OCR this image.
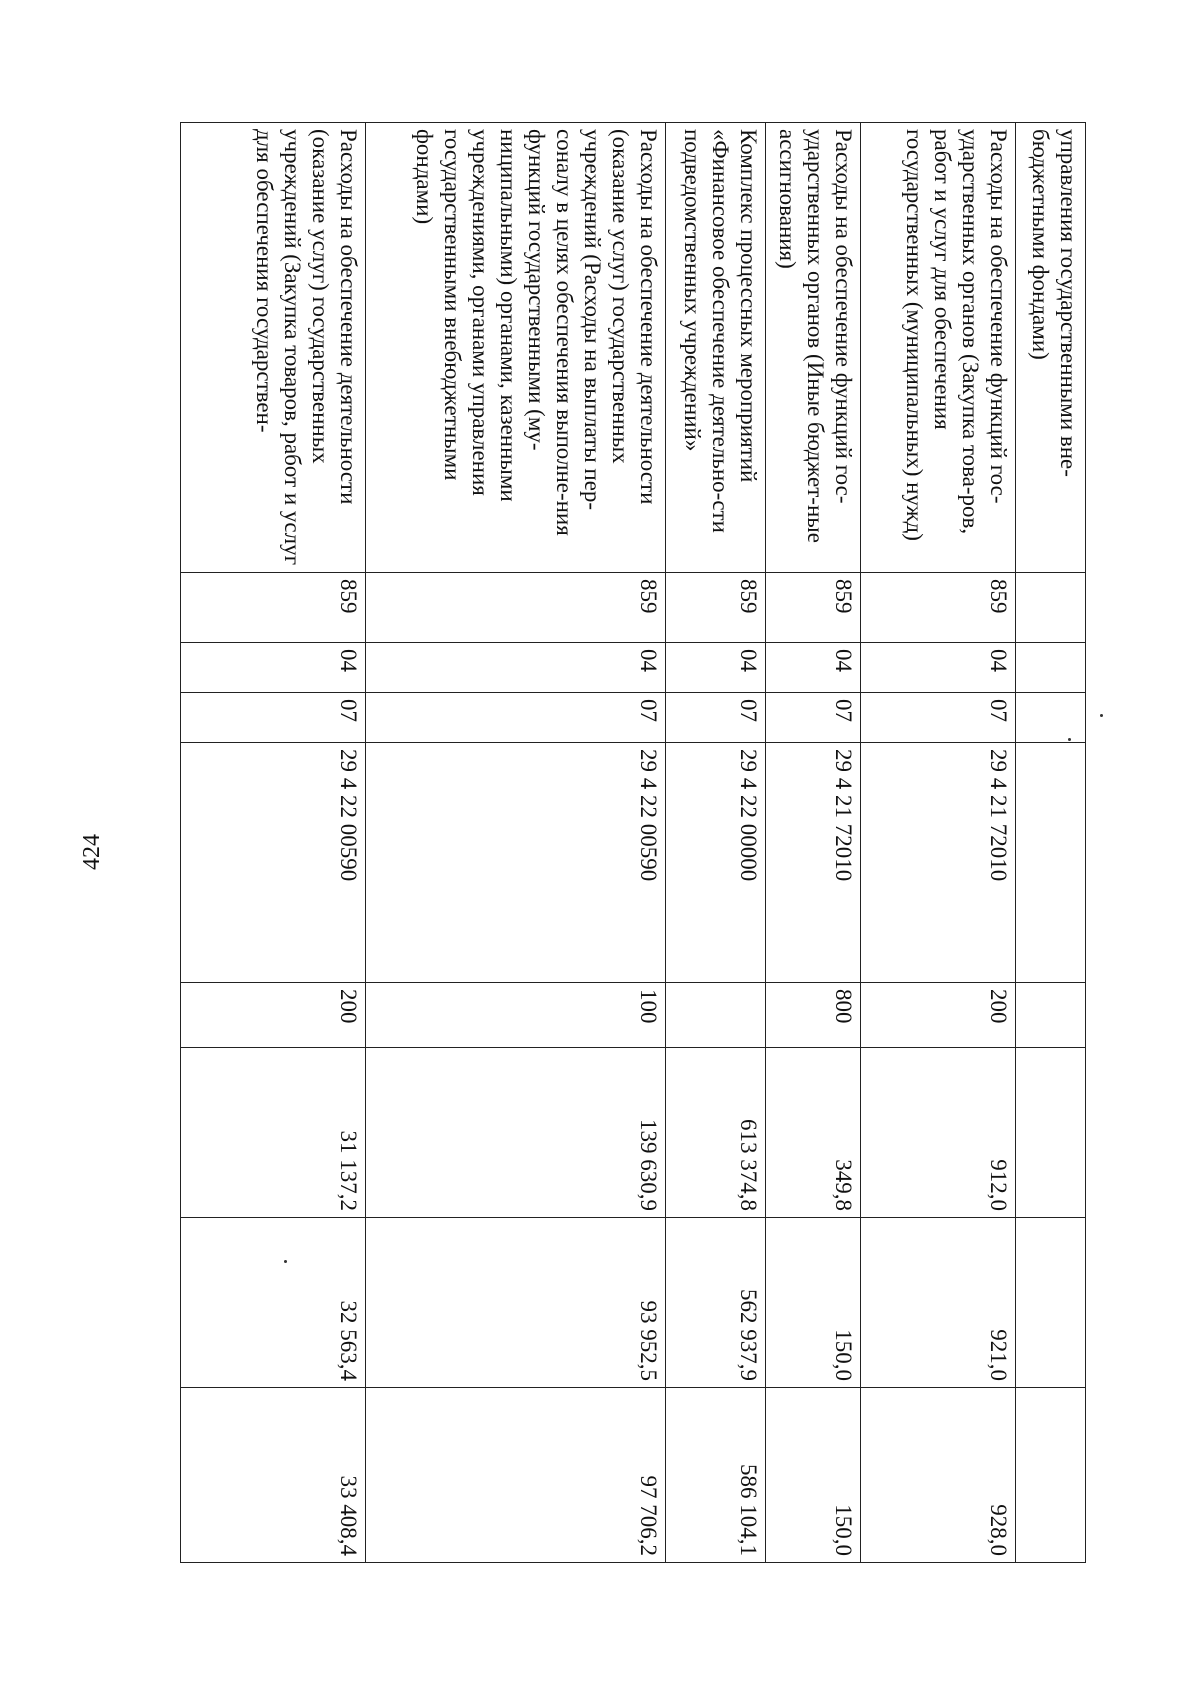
424
управления государственными вне-бюджетными фондами)								
Расходы на обеспечение функций гос-ударственных органов (Закупка това-ров, работ и услуг для обеспечения государственных (муниципальных) нужд)	859	04	07	29 4 21 72010	200	912,0	921,0	928,0
Расходы на обеспечение функций гос-ударственных органов (Иные бюджет-ные ассигнования)	859	04	07	29 4 21 72010	800	349,8	150,0	150,0
Комплекс процессных мероприятий «Финансовое обеспечение деятельно-сти подведомственных учреждений»	859	04	07	29 4 22 00000		613 374,8	562 937,9	586 104,1
Расходы на обеспечение деятельности (оказание услуг) государственных учреждений (Расходы на выплаты пер-соналу в целях обеспечения выполне-ния функций государственными (му-ниципальными) органами, казенными учреждениями, органами управления государственными внебюджетными фондами)	859	04	07	29 4 22 00590	100	139 630,9	93 952,5	97 706,2
Расходы на обеспечение деятельности (оказание услуг) государственных учреждений (Закупка товаров, работ и услуг для обеспечения государствен-	859	04	07	29 4 22 00590	200	31 137,2	32 563,4	33 408,4
